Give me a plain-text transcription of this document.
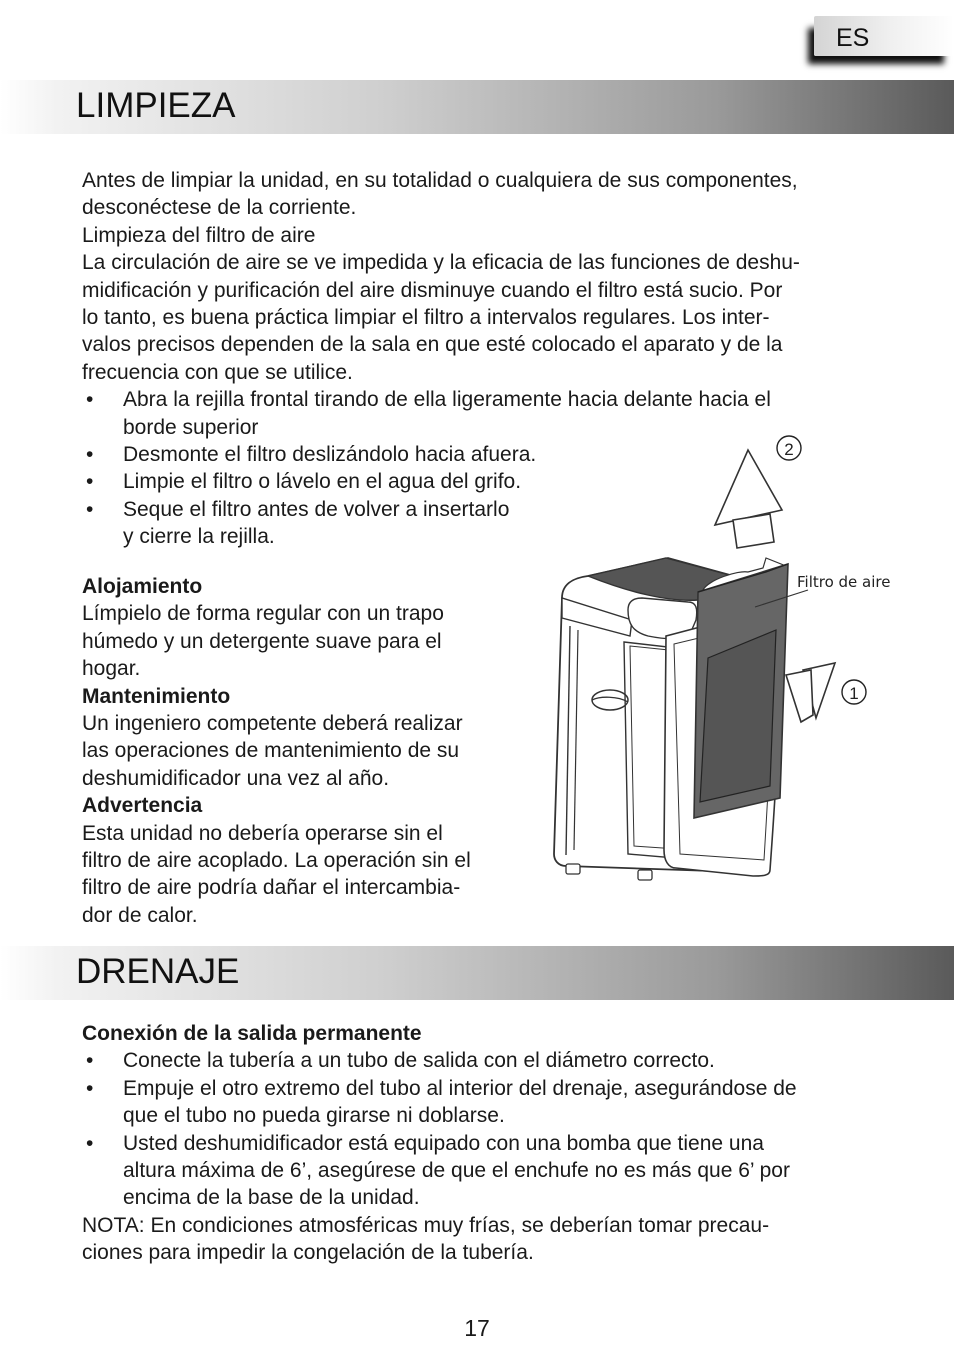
ES
LIMPIEZA

Antes de limpiar la unidad, en su totalidad o cualquiera de sus componentes,

desconéctese de la corriente.

Limpieza del filtro de aire

La circulación de aire se ve impedida y la eficacia de las funciones de deshu-

midificación y purificación del aire disminuye cuando el filtro está sucio. Por

lo tanto, es buena práctica limpiar el filtro a intervalos regulares. Los inter-

valos precisos dependen de la sala en que esté colocado el aparato y de la

frecuencia con que se utilice.

• Abra la rejilla frontal tirando de ella ligeramente hacia delante hacia el
borde superior
• Desmonte el filtro deslizándolo hacia afuera.
• Limpie el filtro o lávelo en el agua del grifo.
• Seque el filtro antes de volver a insertarlo
y cierre la rejilla.

Alojamiento

Límpielo de forma regular con un trapo

húmedo y un detergente suave para el

hogar.

Mantenimiento

Un ingeniero competente deberá realizar

las operaciones de mantenimiento de su

deshumidificador una vez al año.

Advertencia

Esta unidad no debería operarse sin el

filtro de aire acoplado. La operación sin el

filtro de aire podría dañar el intercambia-

dor de calor.

2
1
Filtro de aire
DRENAJE

Conexión de la salida permanente

• Conecte la tubería a un tubo de salida con el diámetro correcto.
• Empuje el otro extremo del tubo al interior del drenaje, asegurándose de
que el tubo no pueda girarse ni doblarse.
• Usted deshumidificador está equipado con una bomba que tiene una
altura máxima de 6’, asegúrese de que el enchufe no es más que 6’ por
encima de la base de la unidad.

NOTA: En condiciones atmosféricas muy frías, se deberían tomar precau-

ciones para impedir la congelación de la tubería.

17
